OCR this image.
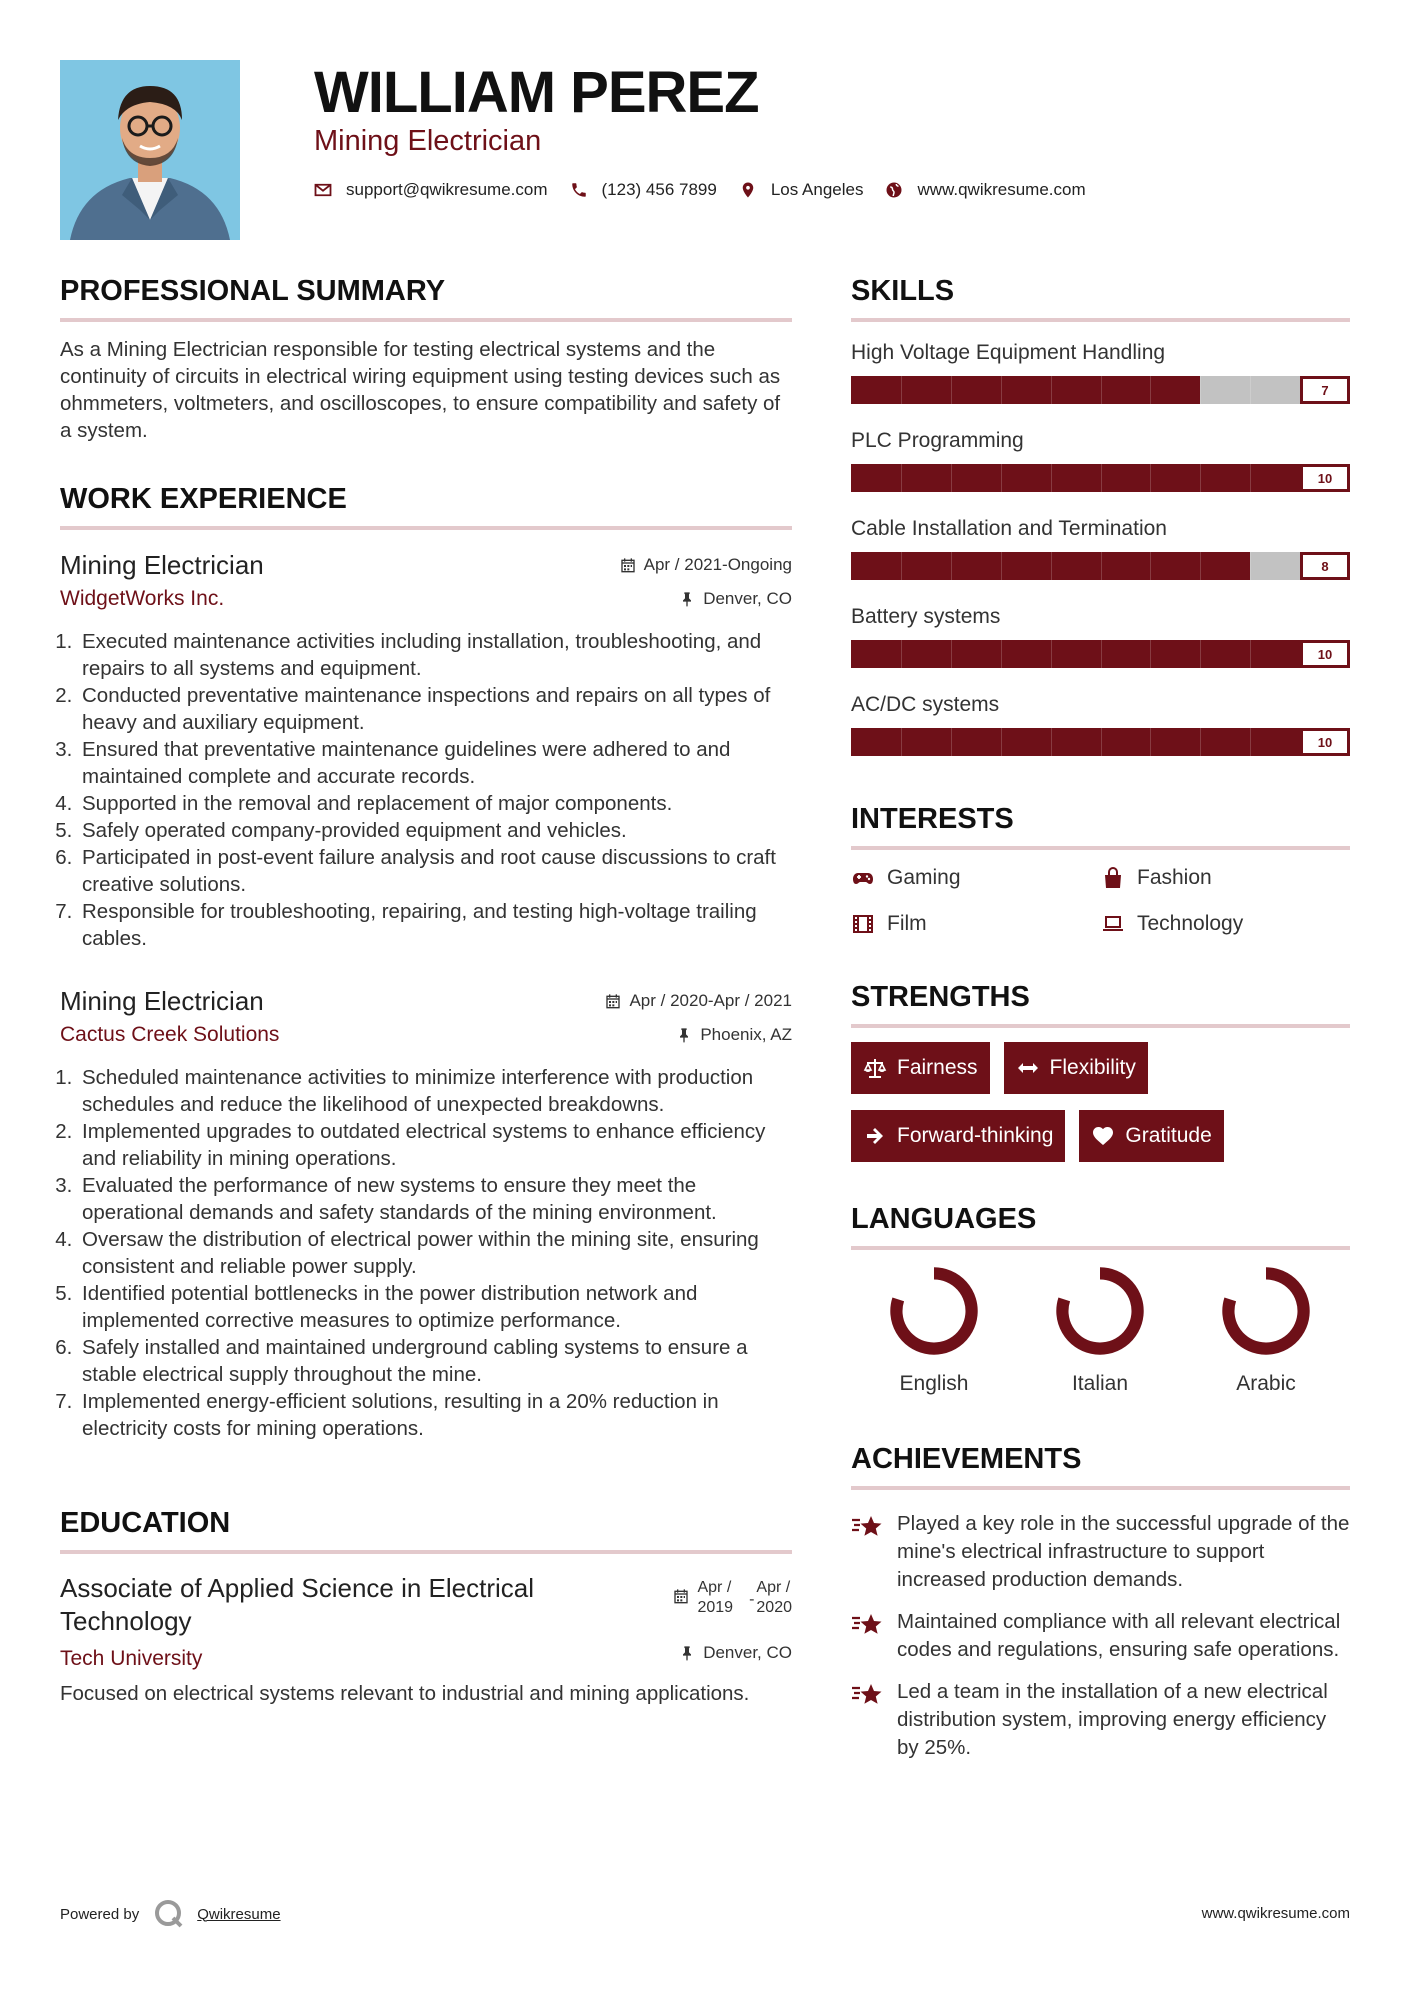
WILLIAM PEREZ
Mining Electrician
support@qwikresume.com	(123) 456 7899	Los Angeles	www.qwikresume.com
PROFESSIONAL SUMMARY

As a Mining Electrician responsible for testing electrical systems and the continuity of circuits in electrical wiring equipment using testing devices such as ohmmeters, voltmeters, and oscilloscopes, to ensure compatibility and safety of a system.

WORK EXPERIENCE
Mining Electrician
WidgetWorks Inc.
Apr / 2021-Ongoing
Denver, CO
1. Executed maintenance activities including installation, troubleshooting, and repairs to all systems and equipment.
2. Conducted preventative maintenance inspections and repairs on all types of heavy and auxiliary equipment.
3. Ensured that preventative maintenance guidelines were adhered to and maintained complete and accurate records.
4. Supported in the removal and replacement of major components.
5. Safely operated company-provided equipment and vehicles.
6. Participated in post-event failure analysis and root cause discussions to craft creative solutions.
7. Responsible for troubleshooting, repairing, and testing high-voltage trailing cables.
Mining Electrician
Cactus Creek Solutions
Apr / 2020-Apr / 2021
Phoenix, AZ
1. Scheduled maintenance activities to minimize interference with production schedules and reduce the likelihood of unexpected breakdowns.
2. Implemented upgrades to outdated electrical systems to enhance efficiency and reliability in mining operations.
3. Evaluated the performance of new systems to ensure they meet the operational demands and safety standards of the mining environment.
4. Oversaw the distribution of electrical power within the mining site, ensuring consistent and reliable power supply.
5. Identified potential bottlenecks in the power distribution network and implemented corrective measures to optimize performance.
6. Safely installed and maintained underground cabling systems to ensure a stable electrical supply throughout the mine.
7. Implemented energy-efficient solutions, resulting in a 20% reduction in electricity costs for mining operations.
EDUCATION
Associate of Applied Science in Electrical Technology
Tech University
Apr /
2019 -
Apr /
2020
Denver, CO

Focused on electrical systems relevant to industrial and mining applications.

SKILLS
High Voltage Equipment Handling
7
PLC Programming
10
Cable Installation and Termination
8
Battery systems
10
AC/DC systems
10
INTERESTS
Gaming	Fashion
Film	Technology
STRENGTHS
Fairness	Flexibility
Forward-thinking	Gratitude
LANGUAGES
English	Italian	Arabic
ACHIEVEMENTS
Played a key role in the successful upgrade of the mine's electrical infrastructure to support increased production demands.
Maintained compliance with all relevant electrical codes and regulations, ensuring safe operations.
Led a team in the installation of a new electrical distribution system, improving energy efficiency by 25%.
Powered by	Qwikresume	www.qwikresume.com
